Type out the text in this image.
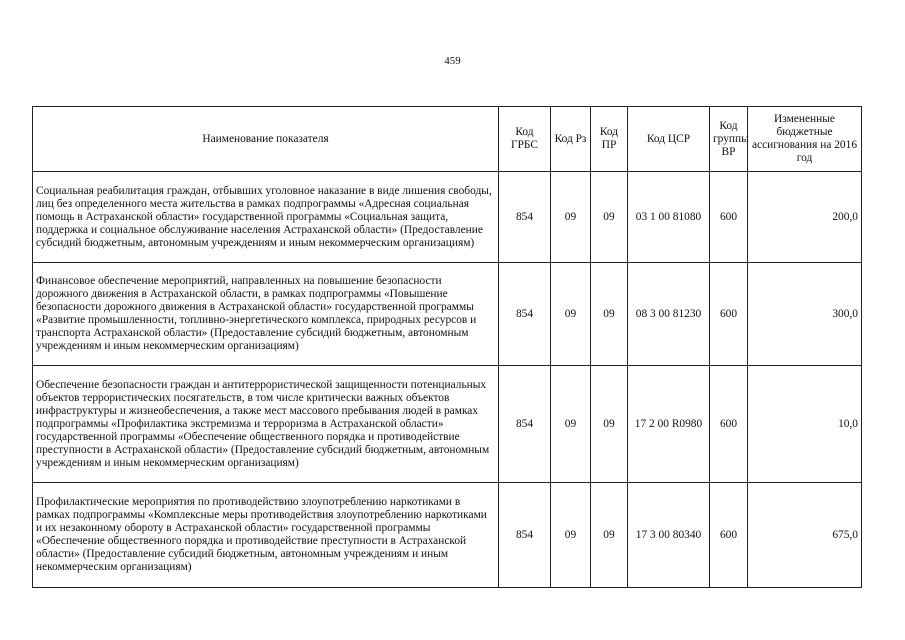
459
Наименование показателя	Код ГРБС	Код Рз	Код ПР	Код ЦСР	Код группы ВР	Измененные бюджетные ассигнования на 2016 год
Социальная реабилитация граждан, отбывших уголовное наказание в виде лишения свободы, лиц без определенного места жительства в рамках подпрограммы «Адресная социальная помощь в Астраханской области» государственной программы «Социальная защита, поддержка и социальное обслуживание населения Астраханской области» (Предоставление субсидий бюджетным, автономным учреждениям и иным некоммерческим организациям)	854	09	09	03 1 00 81080	600	200,0
Финансовое обеспечение мероприятий, направленных на повышение безопасности дорожного движения в Астраханской области, в рамках подпрограммы «Повышение безопасности дорожного движения в Астраханской области» государственной программы «Развитие промышленности, топливно-энергетического комплекса, природных ресурсов и транспорта Астраханской области» (Предоставление субсидий бюджетным, автономным учреждениям и иным некоммерческим организациям)	854	09	09	08 3 00 81230	600	300,0
Обеспечение безопасности граждан и антитеррористической защищенности потенциальных объектов террористических посягательств, в том числе критически важных объектов инфраструктуры и жизнеобеспечения, а также мест массового пребывания людей в рамках подпрограммы «Профилактика экстремизма и терроризма в Астраханской области» государственной программы «Обеспечение общественного порядка и противодействие преступности в Астраханской области» (Предоставление субсидий бюджетным, автономным учреждениям и иным некоммерческим организациям)	854	09	09	17 2 00 R0980	600	10,0
Профилактические мероприятия по противодействию злоупотреблению наркотиками в рамках подпрограммы «Комплексные меры противодействия злоупотреблению наркотиками и их незаконному обороту в Астраханской области» государственной программы «Обеспечение общественного порядка и противодействие преступности в Астраханской области» (Предоставление субсидий бюджетным, автономным учреждениям и иным некоммерческим организациям)	854	09	09	17 3 00 80340	600	675,0
